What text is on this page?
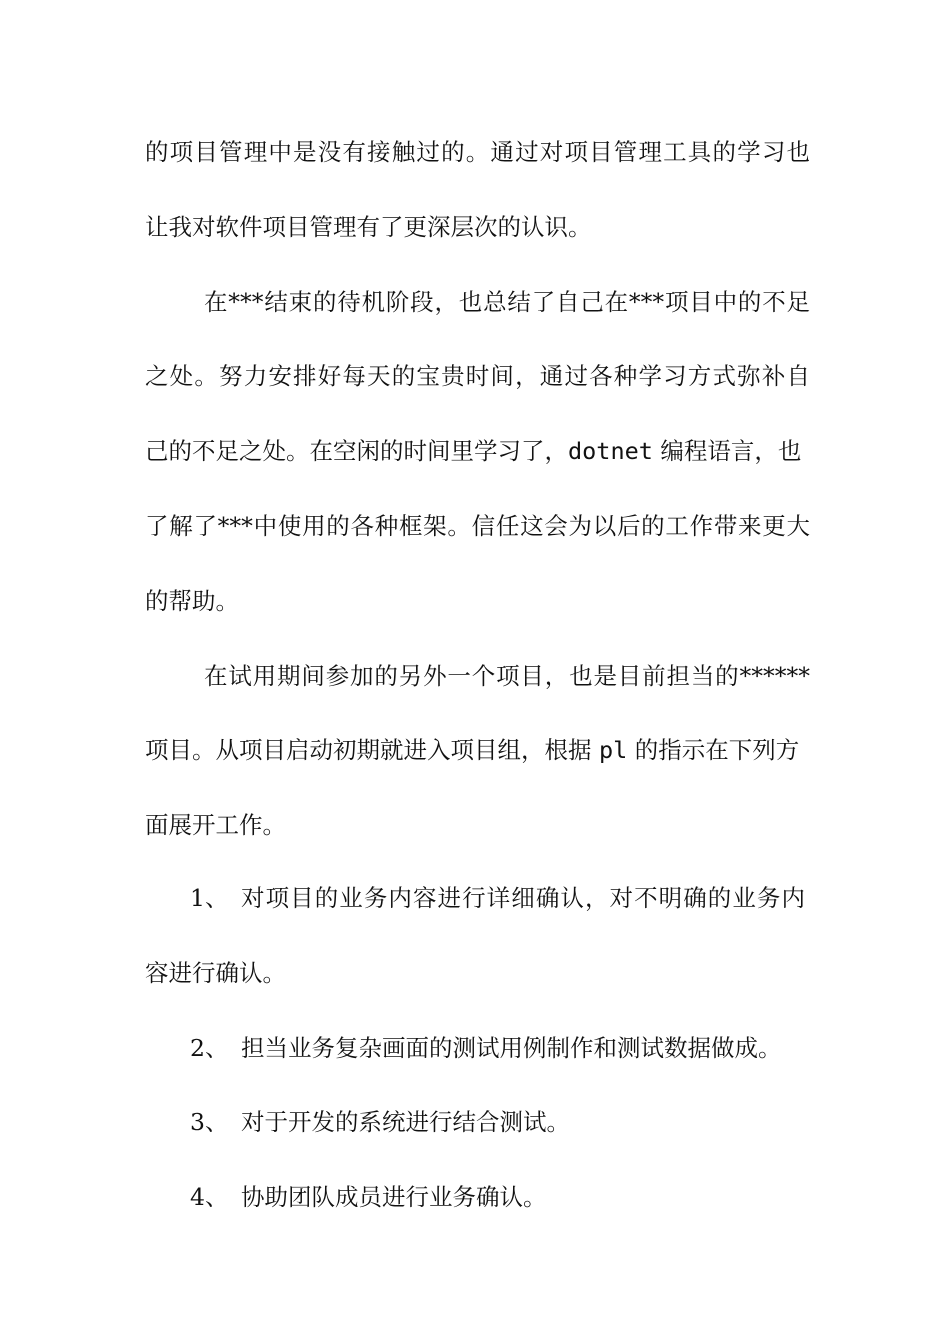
的项目管理中是没有接触过的。通过对项目管理工具的学习也
让我对软件项目管理有了更深层次的认识。
在***结束的待机阶段，也总结了自己在***项目中的不足
之处。努力安排好每天的宝贵时间，通过各种学习方式弥补自
己的不足之处。在空闲的时间里学习了，dotnet 编程语言，也
了解了***中使用的各种框架。信任这会为以后的工作带来更大
的帮助。
在试用期间参加的另外一个项目，也是目前担当的******
项目。从项目启动初期就进入项目组，根据 pl 的指示在下列方
面展开工作。
1、 对项目的业务内容进行详细确认，对不明确的业务内
容进行确认。
2、 担当业务复杂画面的测试用例制作和测试数据做成。
3、 对于开发的系统进行结合测试。
4、 协助团队成员进行业务确认。
